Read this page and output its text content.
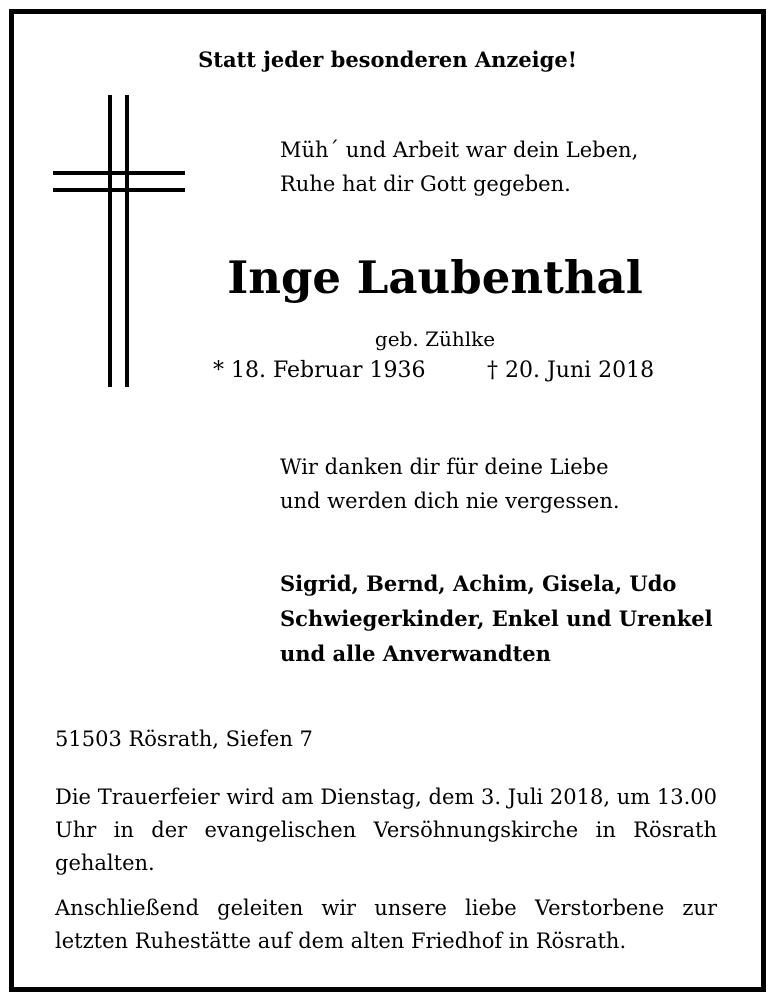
Statt jeder besonderen Anzeige!
Müh´ und Arbeit war dein Leben,
Ruhe hat dir Gott gegeben.
Inge Laubenthal
geb. Zühlke
* 18. Februar 1936	† 20. Juni 2018
Wir danken dir für deine Liebe
und werden dich nie vergessen.
Sigrid, Bernd, Achim, Gisela, Udo
Schwiegerkinder, Enkel und Urenkel
und alle Anverwandten
51503 Rösrath, Siefen 7
Die Trauerfeier wird am Dienstag, dem 3. Juli 2018, um 13.00 Uhr in der evangelischen Versöhnungskirche in Rösrath gehalten.
Anschließend geleiten wir unsere liebe Verstorbene zur letzten Ruhestätte auf dem alten Friedhof in Rösrath.
